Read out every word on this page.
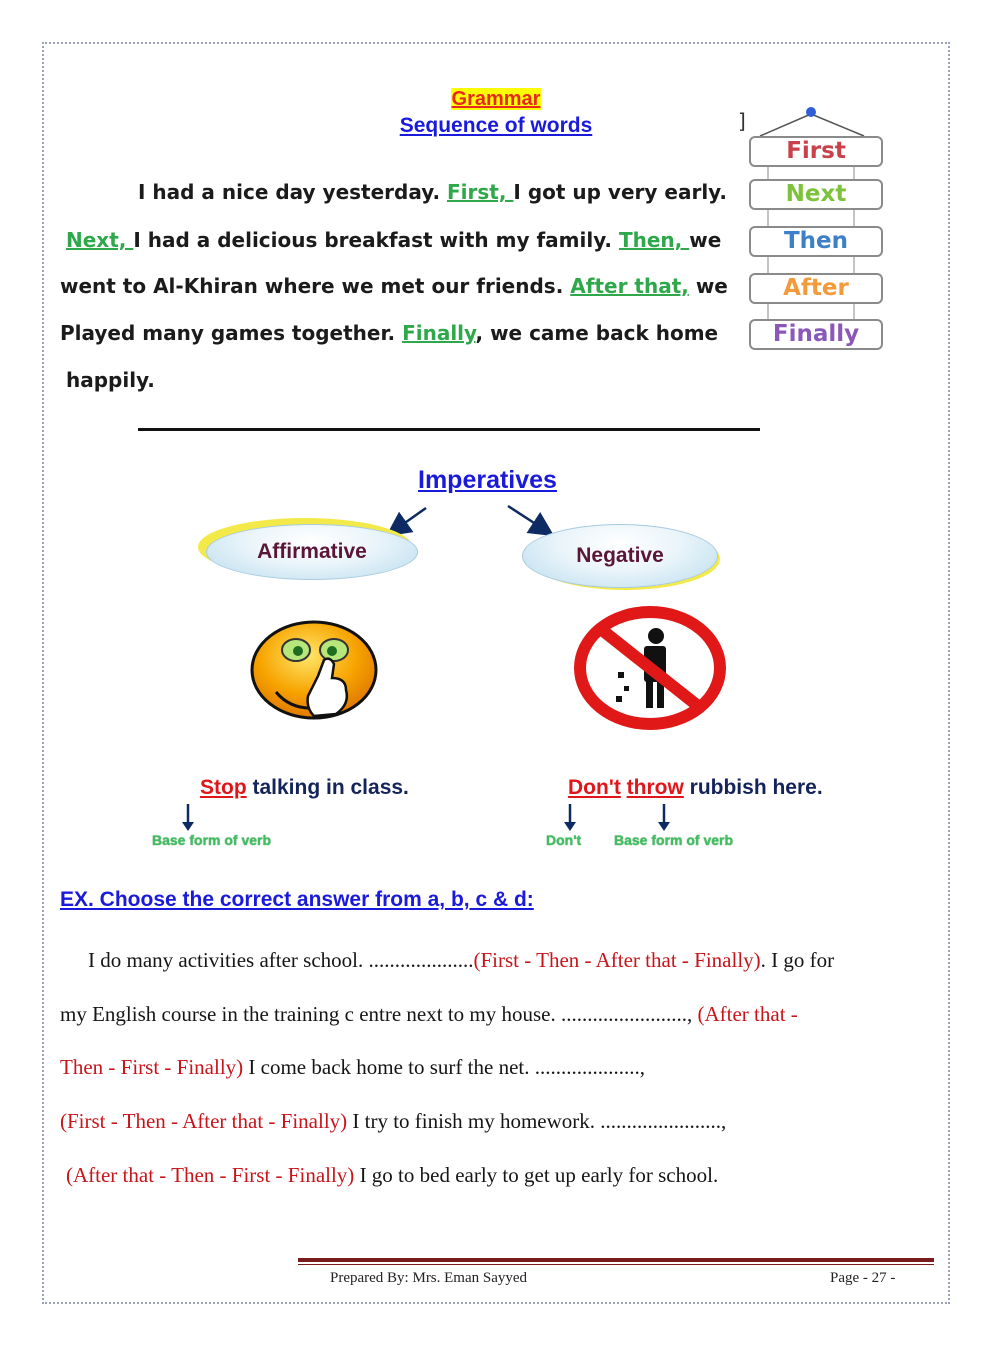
Grammar
Sequence of words
I had a nice day yesterday. First, I got up very early.
Next, I had a delicious breakfast with my family. Then, we
went to Al-Khiran where we met our friends. After that, we
Played many games together. Finally, we came back home
happily.
]
First
Next
Then
After
Finally
Imperatives
Affirmative	Negative
Stop talking in class.	Don't throw rubbish here.
Base form of verb	Don't Base form of verb
EX. Choose the correct answer from a, b, c & d:
I do many activities after school. ....................(First - Then - After that - Finally). I go for
my English course in the training c entre next to my house. ........................, (After that -
Then - First - Finally) I come back home to surf the net. ....................,
(First - Then - After that - Finally) I try to finish my homework. .......................,
(After that - Then - First - Finally) I go to bed early to get up early for school.
Prepared By: Mrs. Eman Sayyed	Page - 27 -
